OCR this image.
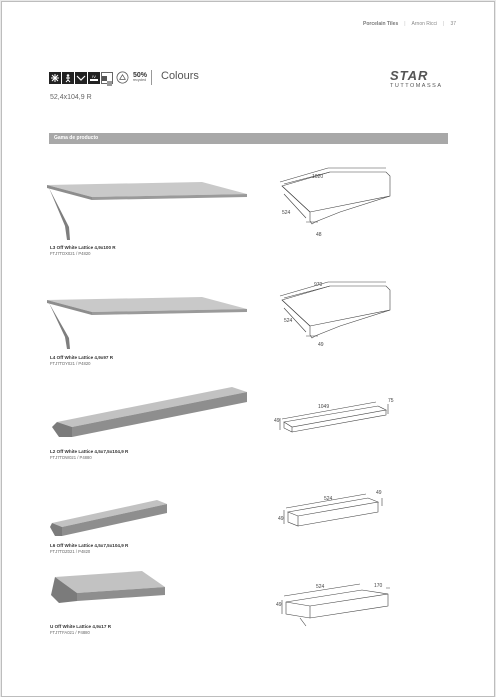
Porcelain Tiles | Arnon Ricci | 37
IV	50%
recycled Colours	STAR
TUTTOMASSA
52,4x104,9 R
Gama de producto
L3 Off White Lattice 4,9x100 R
FTJ7TDX021 / P4820
1020
524
48
L4 Off White Lattice 4,9x97 R
FTJ7TDY021 / P4820
970
524
49
L2 Off White Lattice 4,5x7,5x104,9 R
FTJ7TDW021 / P4880
1049
49
75
L6 Off White Lattice 4,5x7,5x104,9 R
FTJ7TDZ021 / P4820
524
49
49
U Off White Lattice 4,9x17 R
FTJ7TFA021 / P4880
524	170
49
